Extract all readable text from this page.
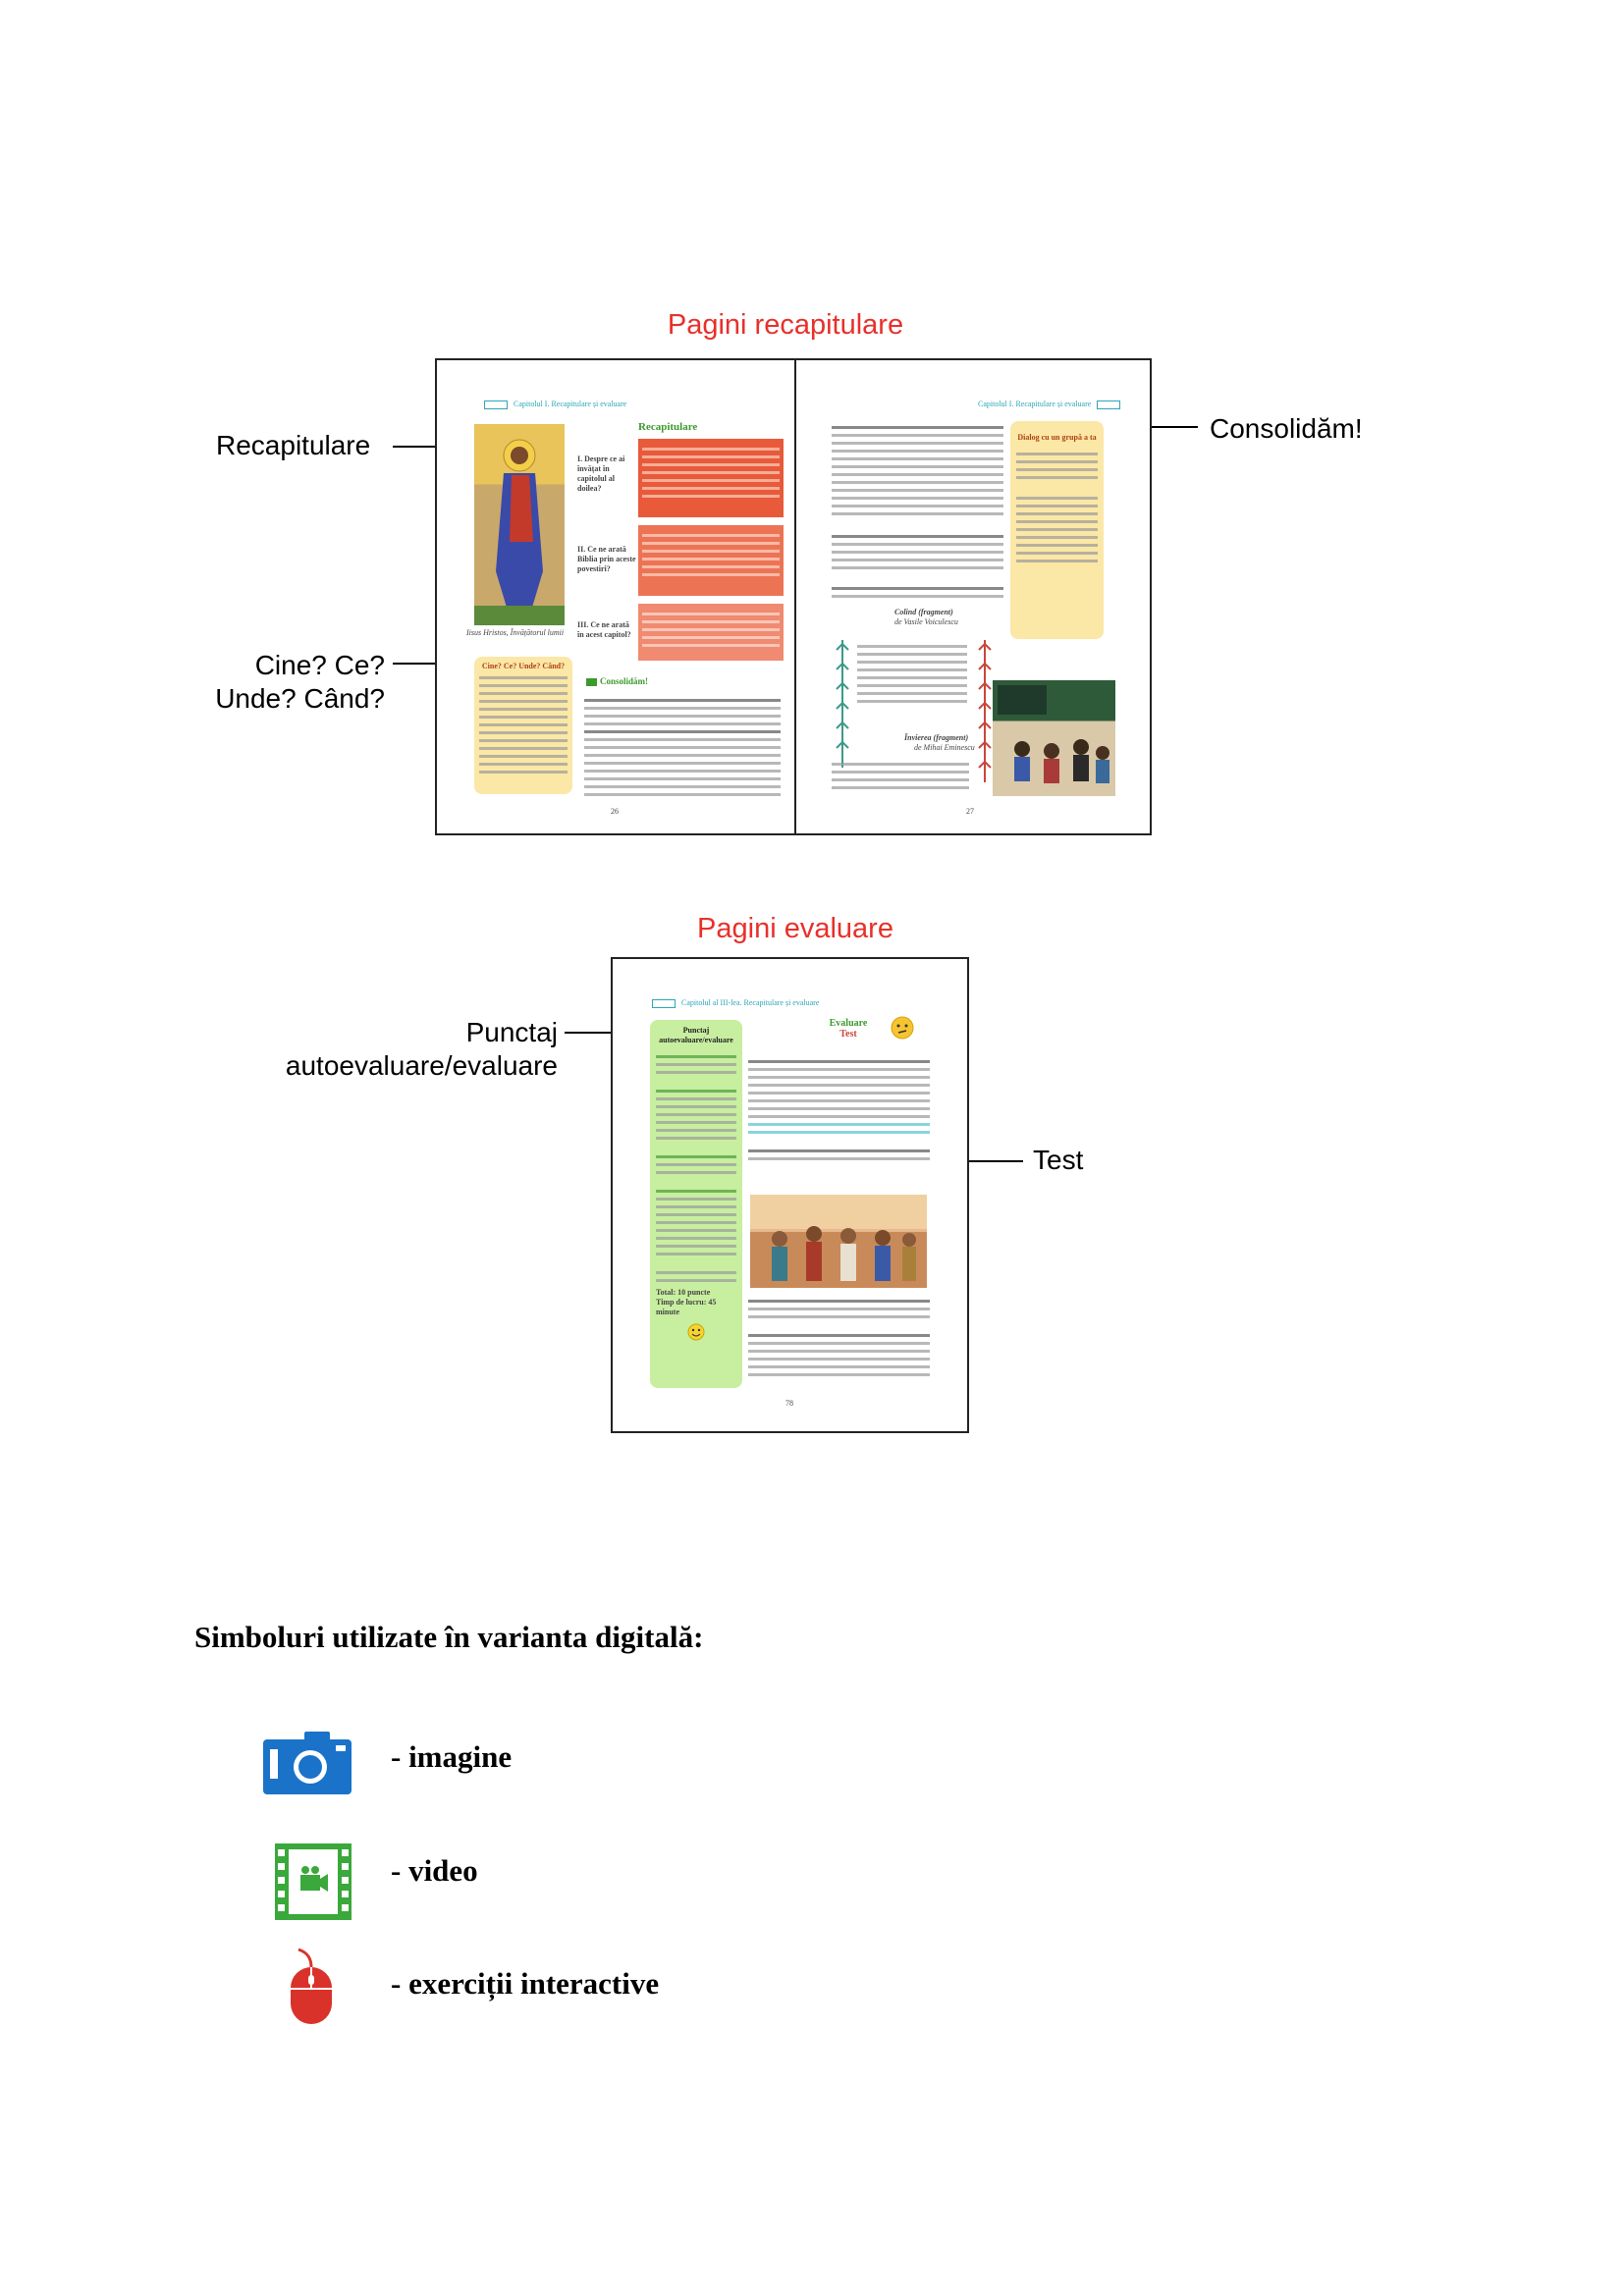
Pagini recapitulare
Recapitulare
Cine? Ce?
Unde? Când?
Consolidăm!
Capitolul I. Recapitulare și evaluare
Iisus Hristos, Învățătorul lumii
Recapitulare
I. Despre ce ai învățat în capitolul al doilea?
II. Ce ne arată Biblia prin aceste povestiri?
III. Ce ne arată în acest capitol?
Cine? Ce? Unde? Când?
Consolidăm!
26
Capitolul I. Recapitulare și evaluare
Dialog cu un grupă a ta
Colind (fragment)
de Vasile Voiculescu
Învierea (fragment)
de Mihai Eminescu
27
Pagini evaluare
Punctaj
autoevaluare/evaluare
Test
Capitolul al III-lea. Recapitulare și evaluare
Punctaj autoevaluare/evaluare
Total: 10 puncte
Timp de lucru: 45 minute
Evaluare
Test
78
Simboluri utilizate în varianta digitală:
- imagine
- video
- exerciții interactive
